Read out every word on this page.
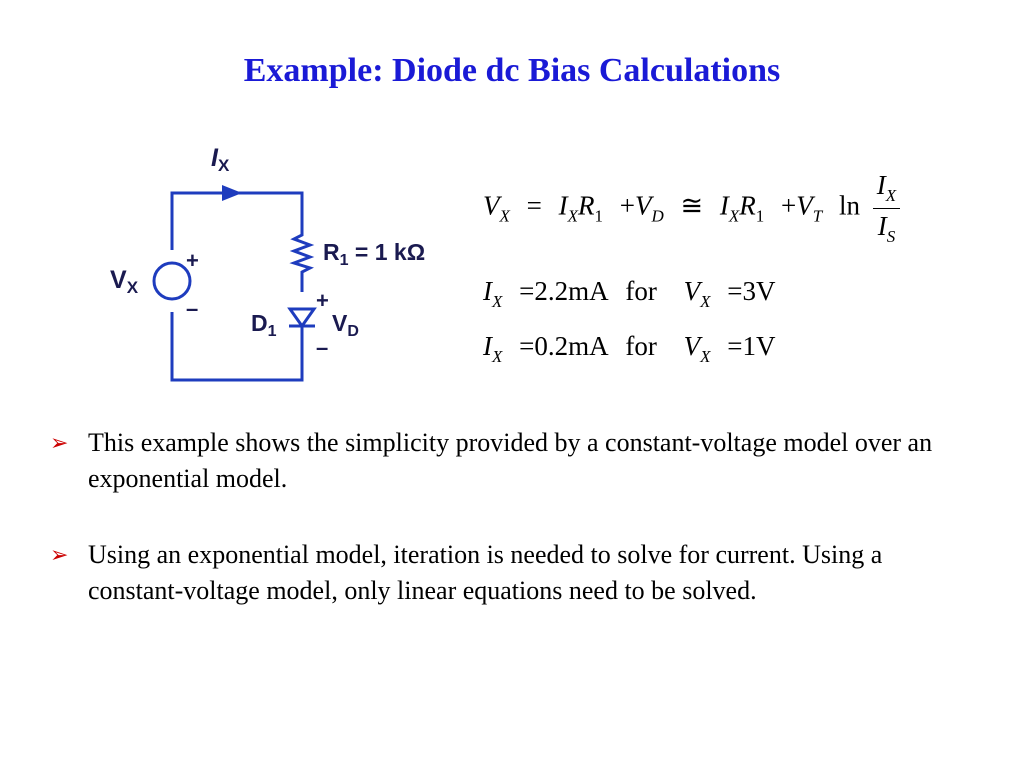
Example: Diode dc Bias Calculations
$I_X$
$V_X$
+
–
$R_1 = 1$ kΩ
+
$D_1$ $V_D$
–
$V_X = I_XR_1 +V_D$ ≅ $I_XR_1 +V_T$ $\ln \frac{I_X}{I_S}$
$I_X =2.2mA$ for $V_X =3V$
$I_X =0.2mA$ for $V_X =1V$
➢ This example shows the simplicity provided by a constant-voltage model over an exponential model.
➢ Using an exponential model, iteration is needed to solve for current. Using a constant-voltage model, only linear equations need to be solved.
